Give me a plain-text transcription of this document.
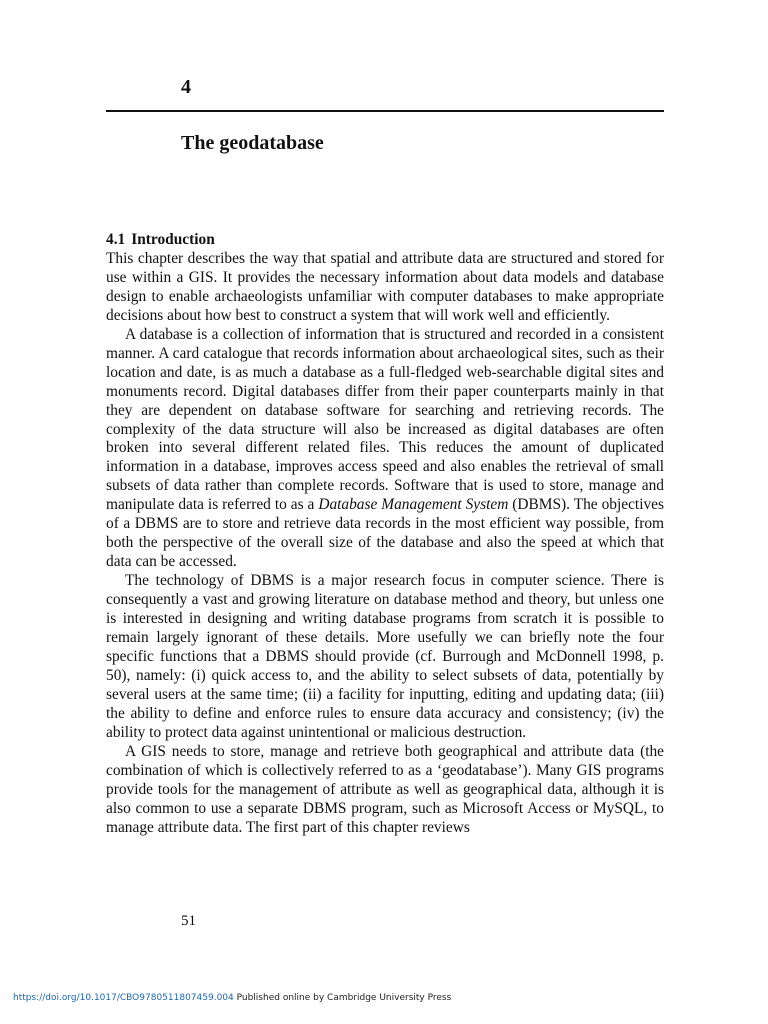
4
The geodatabase
4.1 Introduction

This chapter describes the way that spatial and attribute data are structured and stored for use within a GIS. It provides the necessary information about data models and database design to enable archaeologists unfamiliar with computer databases to make appropriate decisions about how best to construct a system that will work well and efficiently.

A database is a collection of information that is structured and recorded in a consistent manner. A card catalogue that records information about archaeological sites, such as their location and date, is as much a database as a full-fledged web-searchable digital sites and monuments record. Digital databases differ from their paper counterparts mainly in that they are dependent on database software for searching and retrieving records. The complexity of the data structure will also be increased as digital databases are often broken into several different related files. This reduces the amount of duplicated information in a database, improves access speed and also enables the retrieval of small subsets of data rather than complete records. Software that is used to store, manage and manipulate data is referred to as a Database Management System (DBMS). The objectives of a DBMS are to store and retrieve data records in the most efficient way possible, from both the perspective of the overall size of the database and also the speed at which that data can be accessed.

The technology of DBMS is a major research focus in computer science. There is consequently a vast and growing literature on database method and theory, but unless one is interested in designing and writing database programs from scratch it is possible to remain largely ignorant of these details. More usefully we can briefly note the four specific functions that a DBMS should provide (cf. Burrough and McDonnell 1998, p. 50), namely: (i) quick access to, and the ability to select subsets of data, potentially by several users at the same time; (ii) a facility for inputting, editing and updating data; (iii) the ability to define and enforce rules to ensure data accuracy and consistency; (iv) the ability to protect data against unintentional or malicious destruction.

A GIS needs to store, manage and retrieve both geographical and attribute data (the combination of which is collectively referred to as a ‘geodatabase’). Many GIS programs provide tools for the management of attribute as well as geographical data, although it is also common to use a separate DBMS program, such as Microsoft Access or MySQL, to manage attribute data. The first part of this chapter reviews

51
https://doi.org/10.1017/CBO9780511807459.004 Published online by Cambridge University Press
